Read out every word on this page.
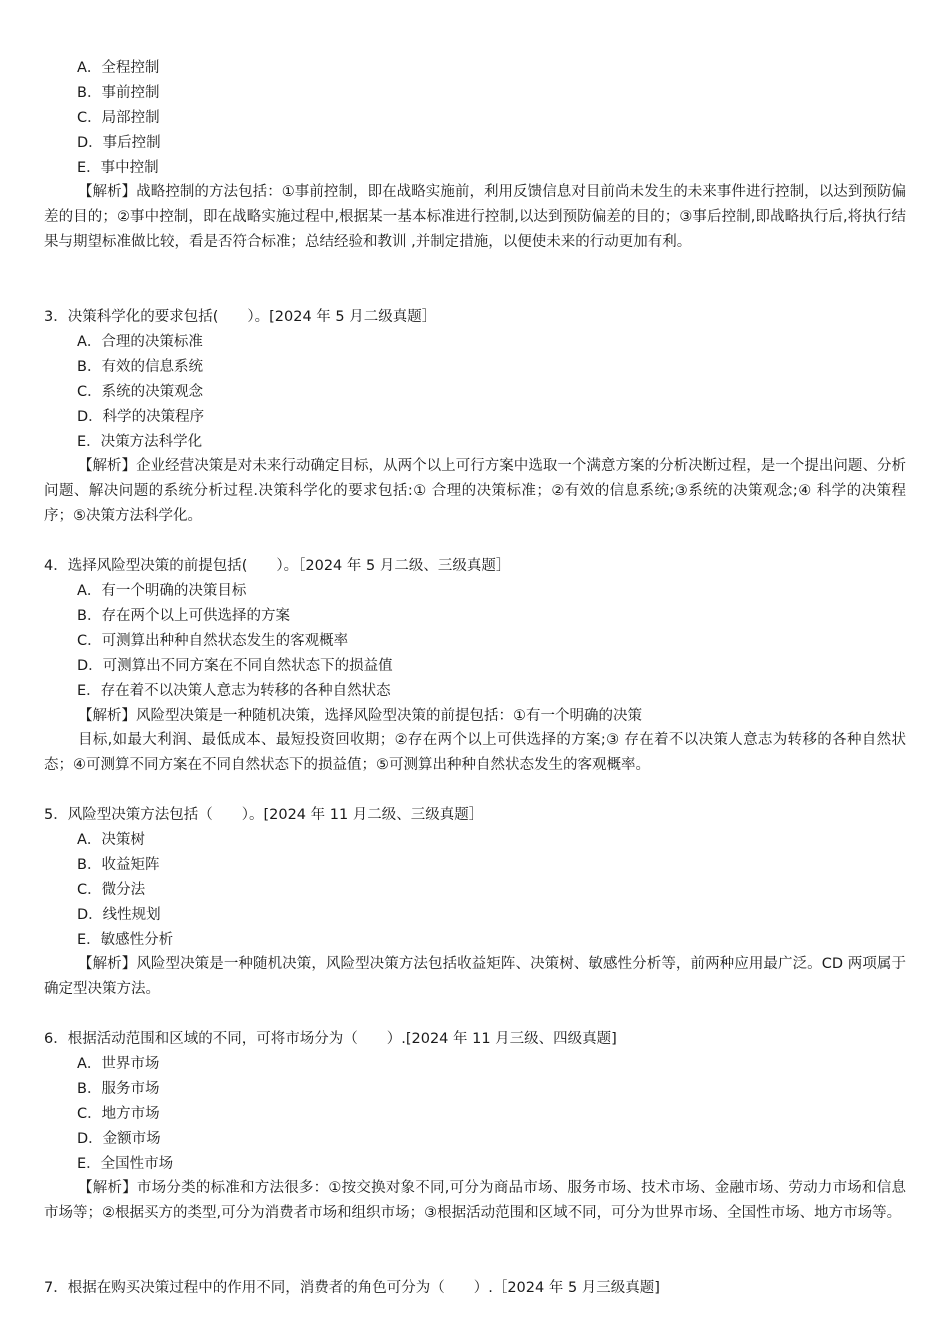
A．全程控制
B．事前控制
C．局部控制
D．事后控制
E．事中控制
【解析】战略控制的方法包括：①事前控制，即在战略实施前，利用反馈信息对目前尚未发生的未来事件进行控制，以达到预防偏差的目的；②事中控制，即在战略实施过程中,根据某一基本标准进行控制,以达到预防偏差的目的；③事后控制,即战略执行后,将执行结果与期望标准做比较，看是否符合标准；总结经验和教训 ,并制定措施，以便使未来的行动更加有利。
3．决策科学化的要求包括(　　）。[2024 年 5 月二级真题］
A．合理的决策标准
B．有效的信息系统
C．系统的决策观念
D．科学的决策程序
E．决策方法科学化
【解析】企业经营决策是对未来行动确定目标，从两个以上可行方案中选取一个满意方案的分析决断过程，是一个提出问题、分析问题、解决问题的系统分析过程.决策科学化的要求包括:① 合理的决策标准；②有效的信息系统;③系统的决策观念;④ 科学的决策程序；⑤决策方法科学化。
4．选择风险型决策的前提包括(　　）。［2024 年 5 月二级、三级真题］
A．有一个明确的决策目标
B．存在两个以上可供选择的方案
C．可测算出种种自然状态发生的客观概率
D．可测算出不同方案在不同自然状态下的损益值
E．存在着不以决策人意志为转移的各种自然状态
【解析】风险型决策是一种随机决策，选择风险型决策的前提包括：①有一个明确的决策
目标,如最大利润、最低成本、最短投资回收期；②存在两个以上可供选择的方案;③ 存在着不以决策人意志为转移的各种自然状态；④可测算不同方案在不同自然状态下的损益值；⑤可测算出种种自然状态发生的客观概率。
5．风险型决策方法包括（　　）。[2024 年 11 月二级、三级真题］
A．决策树
B．收益矩阵
C．微分法
D．线性规划
E．敏感性分析
【解析】风险型决策是一种随机决策，风险型决策方法包括收益矩阵、决策树、敏感性分析等，前两种应用最广泛。CD 两项属于确定型决策方法。
6．根据活动范围和区域的不同，可将市场分为（　　）.[2024 年 11 月三级、四级真题]
A．世界市场
B．服务市场
C．地方市场
D．金额市场
E．全国性市场
【解析】市场分类的标准和方法很多：①按交换对象不同,可分为商品市场、服务市场、技术市场、金融市场、劳动力市场和信息市场等；②根据买方的类型,可分为消费者市场和组织市场；③根据活动范围和区域不同，可分为世界市场、全国性市场、地方市场等。
7．根据在购买决策过程中的作用不同，消费者的角色可分为（　　）.［2024 年 5 月三级真题]
